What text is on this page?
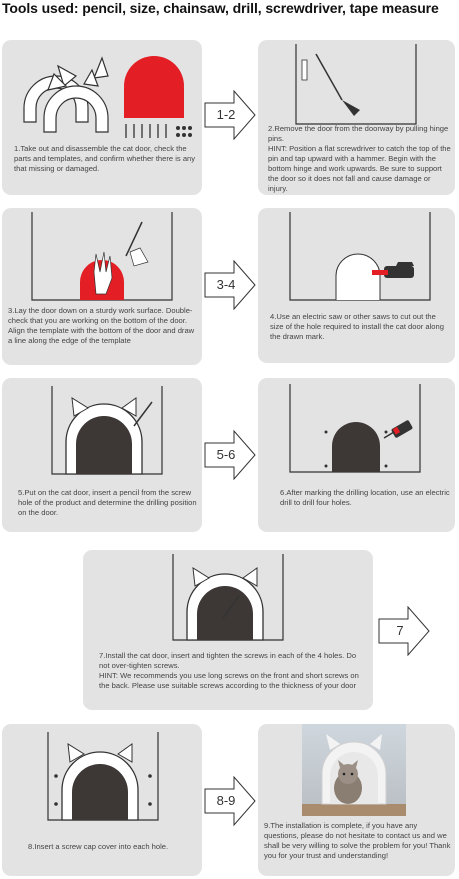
Tools used: pencil, size, chainsaw, drill, screwdriver, tape measure
1.Take out and disassemble the cat door, check the parts and templates, and confirm whether there is any that missing or damaged.
1-2
2.Remove the door from the doorway by pulling hinge pins.
HINT: Position a flat screwdriver to catch the top of the pin and tap upward with a hammer. Begin with the bottom hinge and work upwards. Be sure to support the door so it does not fall and cause damage or injury.
3.Lay the door down on a sturdy work surface. Double-check that you are working on the bottom of the door. Align the template with the bottom of the door and draw a line along the edge of the template
3-4
4.Use an electric saw or other saws to cut out the size of the hole required to install the cat door along the drawn mark.
5.Put on the cat door, insert a pencil from the screw hole of the product and determine the drilling position on the door.
5-6
6.After marking the drilling location, use an electric drill to drill four holes.
7.Install the cat door, insert and tighten the screws in each of the 4 holes. Do not over-tighten screws.
HINT: We recommends you use long screws on the front and short screws on the back. Please use suitable screws according to the thickness of your door
7
8.Insert a screw cap cover into each hole.
8-9
9.The installation is complete, if you have any questions, please do not hesitate to contact us and we shall be very willing to solve the problem for you! Thank you for your trust and understanding!
